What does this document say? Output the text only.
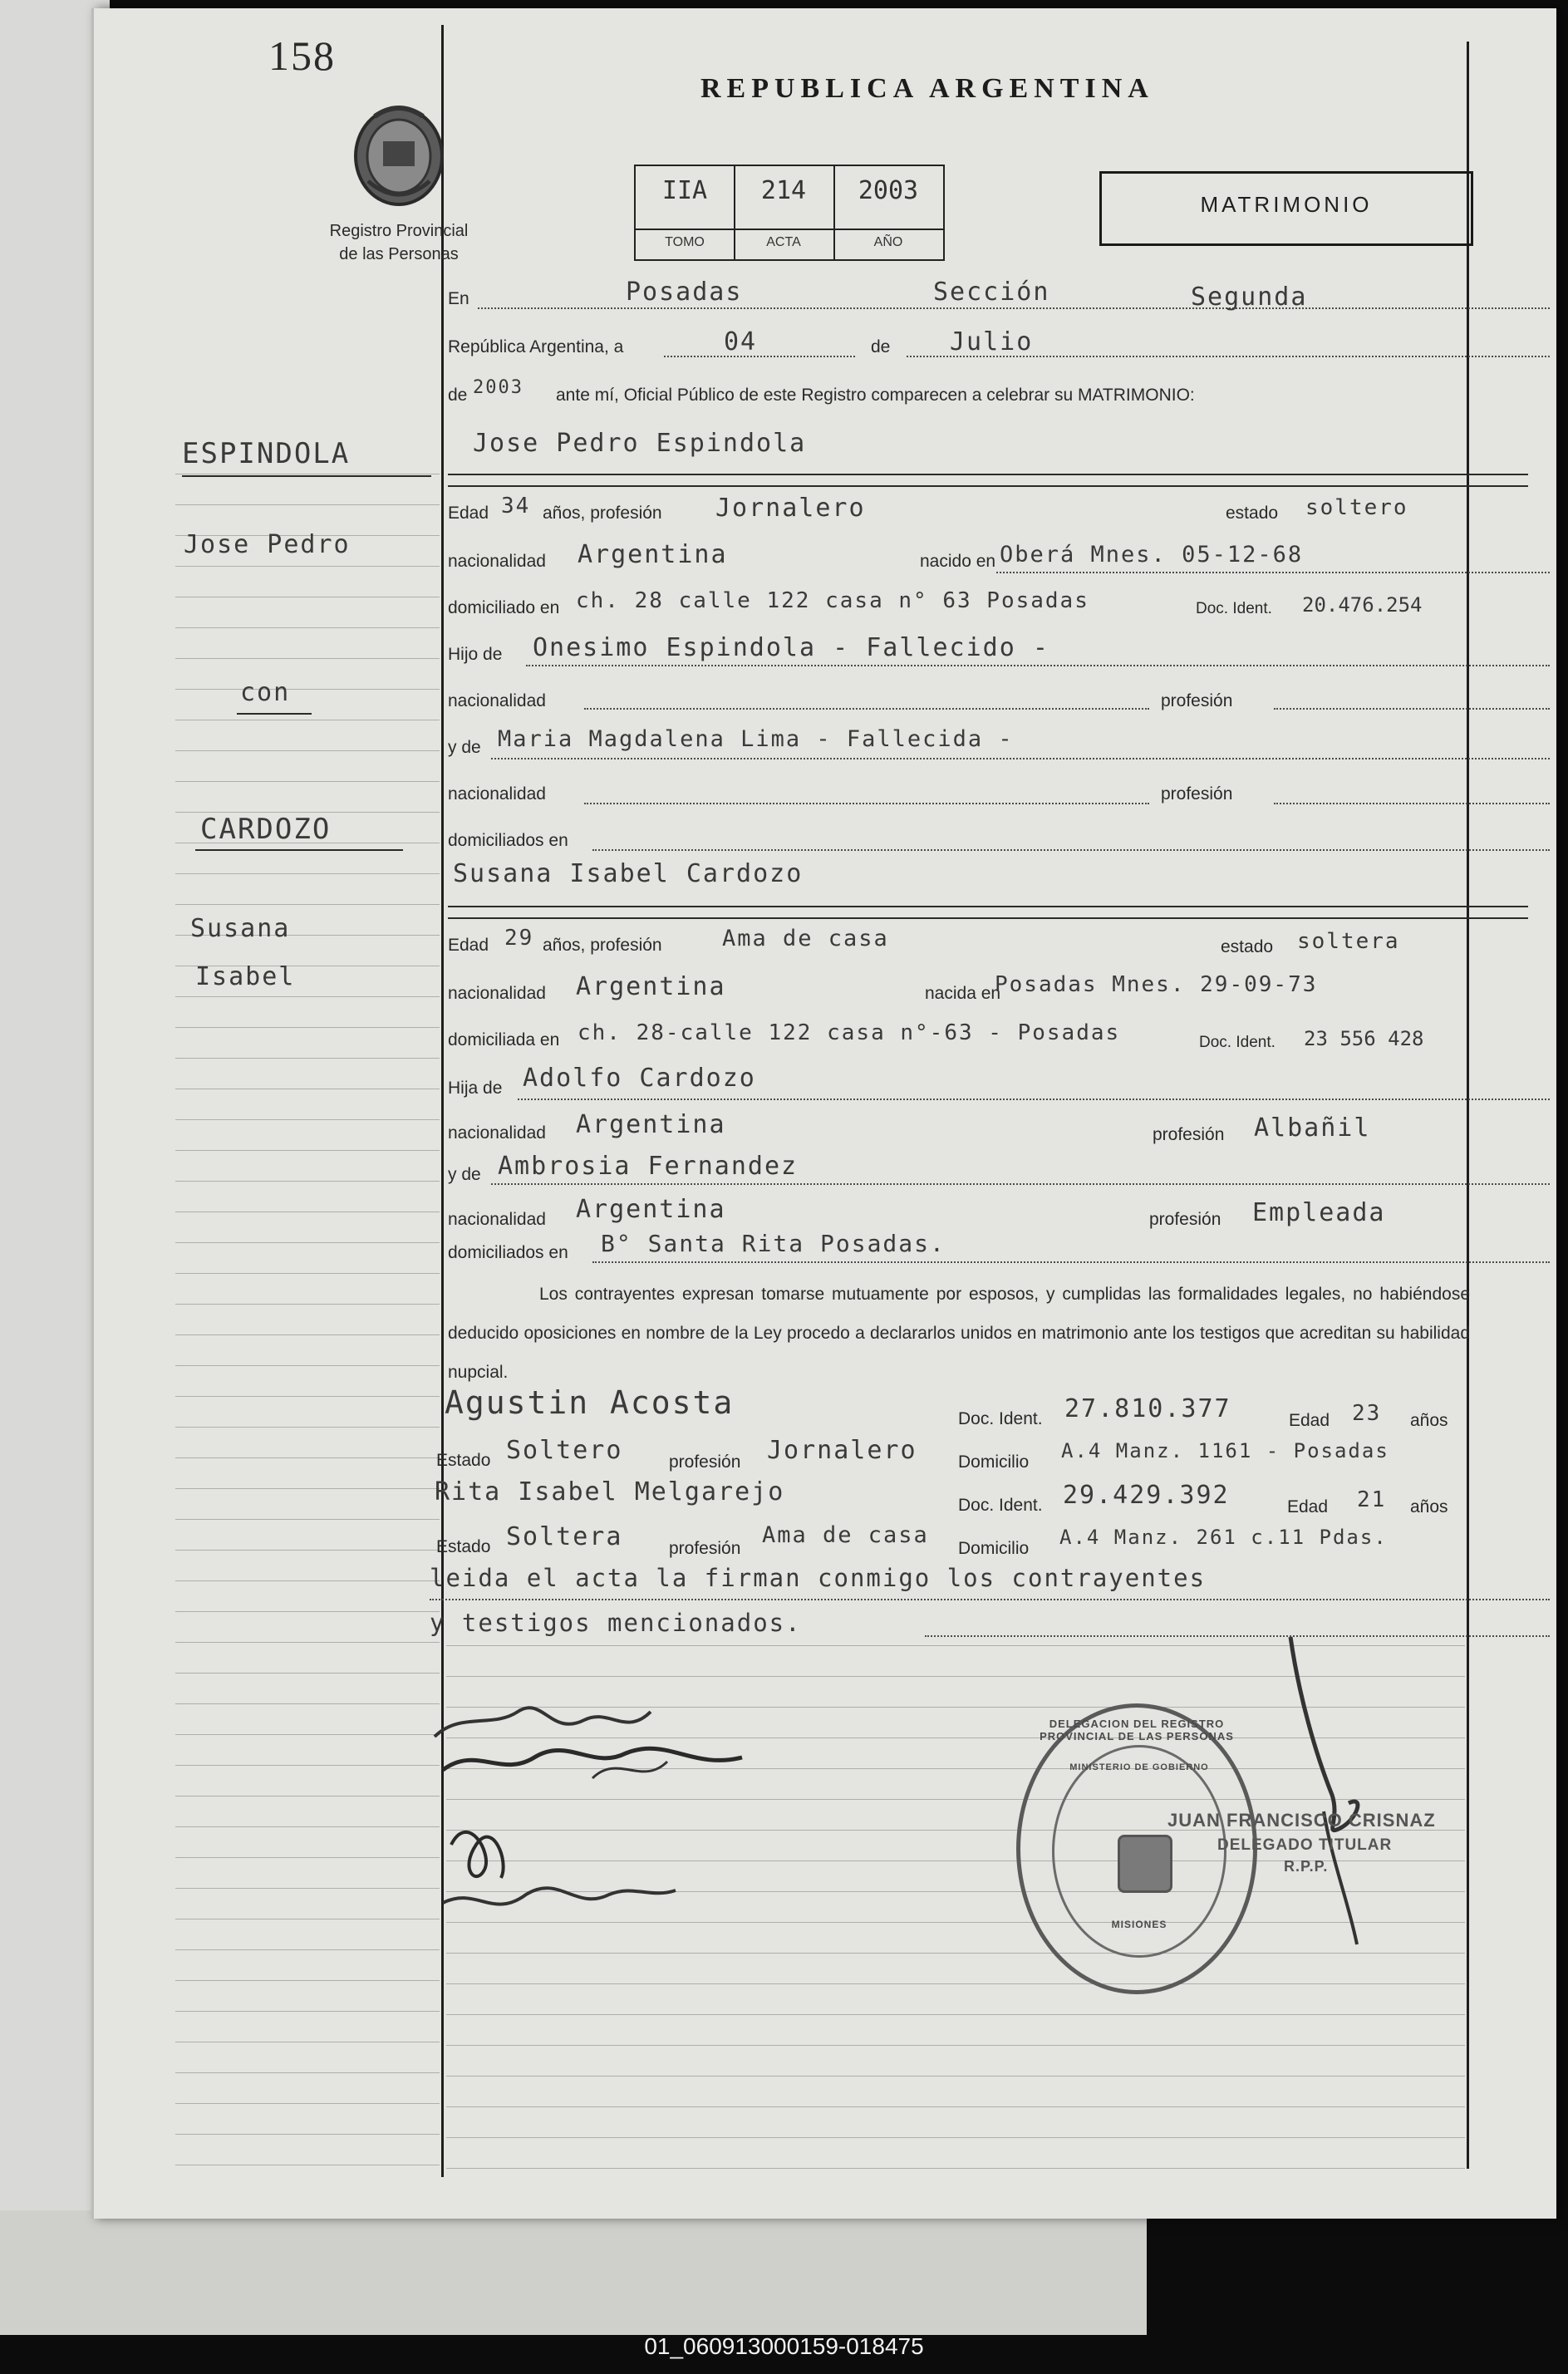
158
Registro Provincial
de las Personas
REPUBLICA ARGENTINA
IIA
TOMO
214
ACTA
2003
AÑO
MATRIMONIO
ESPINDOLA
Jose Pedro
con
CARDOZO
Susana
Isabel
En	Posadas	Sección	Segunda
República Argentina, a	04	de Julio
de 2003 ante mí, Oficial Público de este Registro comparecen a celebrar su MATRIMONIO:
Jose Pedro Espindola
Edad 34 años, profesión Jornalero	estado soltero
nacionalidad Argentina	nacido en Oberá Mnes. 05-12-68
domiciliado en ch. 28 calle 122 casa n° 63 Posadas	Doc. Ident. 20.476.254
Hijo de Onesimo Espindola - Fallecido -
nacionalidad	profesión
y de Maria Magdalena Lima - Fallecida -
nacionalidad	profesión
domiciliados en
Susana Isabel Cardozo
Edad 29 años, profesión	Ama de casa	estado soltera
nacionalidad Argentina	nacida en
Posadas Mnes. 29-09-73
domiciliada en ch. 28-calle 122 casa n°-63 - Posadas	Doc. Ident. 23 556 428
Hija de Adolfo Cardozo
nacionalidad Argentina	profesión Albañil
y de Ambrosia Fernandez
nacionalidad Argentina	profesión Empleada
domiciliados en B° Santa Rita Posadas.
Los contrayentes expresan tomarse mutuamente por esposos, y cumplidas las formalidades legales, no habiéndose deducido oposiciones en nombre de la Ley procedo a declararlos unidos en matrimonio ante los testigos que acreditan su habilidad nupcial.
Agustin Acosta	Doc. Ident. 27.810.377	Edad 23 años
Estado Soltero	profesión Jornalero Domicilio A.4 Manz. 1161 - Posadas
Rita Isabel Melgarejo	Doc. Ident. 29.429.392	Edad 21 años
Estado Soltera	profesión
Ama de casa
Domicilio A.4 Manz. 261 c.11 Pdas.
leida el acta la firman conmigo los contrayentes
y testigos mencionados.
DELEGACION DEL REGISTRO PROVINCIAL DE LAS PERSONAS
MINISTERIO DE GOBIERNO
MISIONES
JUAN FRANCISCO CRISNAZ
DELEGADO TITULAR
R.P.P.
01_060913000159-018475
